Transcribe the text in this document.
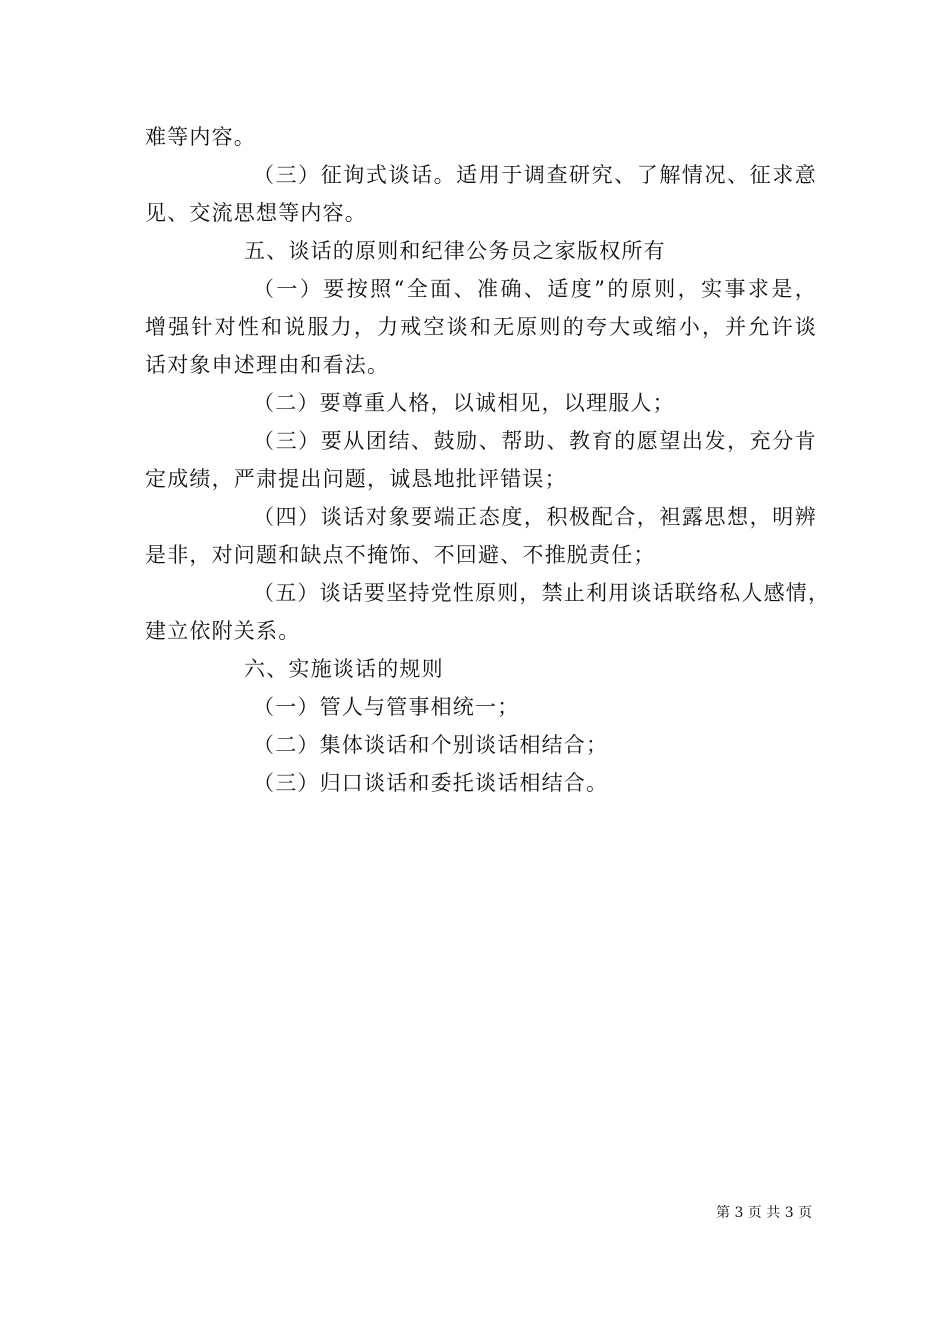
难等内容。
（三）征询式谈话。适用于调查研究、了解情况、征求意
见、交流思想等内容。
五、谈话的原则和纪律公务员之家版权所有
（一）要按照“全面、准确、适度”的原则，实事求是，
增强针对性和说服力，力戒空谈和无原则的夸大或缩小，并允许谈
话对象申述理由和看法。
（二）要尊重人格，以诚相见，以理服人；
（三）要从团结、鼓励、帮助、教育的愿望出发，充分肯
定成绩，严肃提出问题，诚恳地批评错误；
（四）谈话对象要端正态度，积极配合，袒露思想，明辨
是非，对问题和缺点不掩饰、不回避、不推脱责任；
（五）谈话要坚持党性原则，禁止利用谈话联络私人感情，
建立依附关系。
六、实施谈话的规则
（一）管人与管事相统一；
（二）集体谈话和个别谈话相结合；
（三）归口谈话和委托谈话相结合。
第 3 页 共 3 页
